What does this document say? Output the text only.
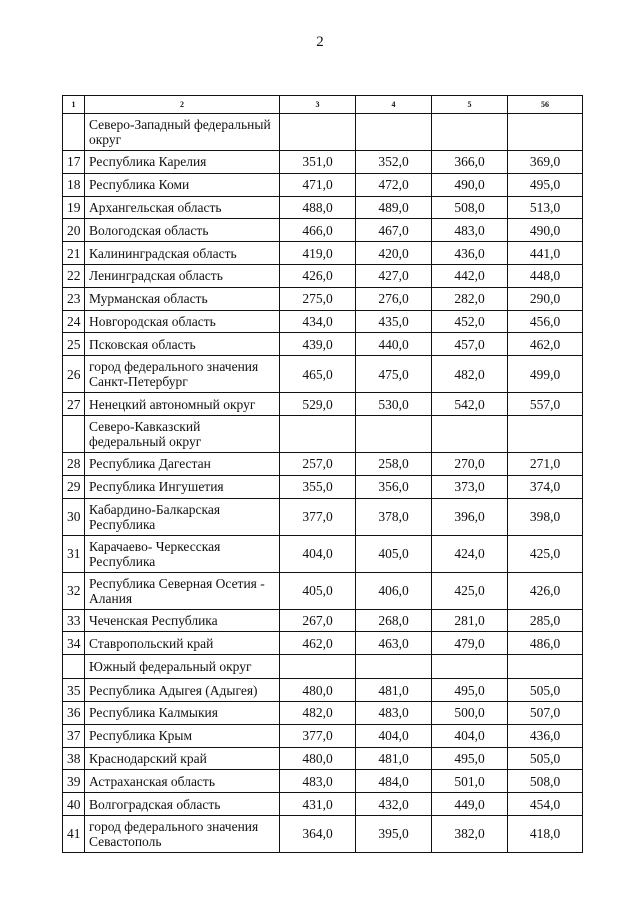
2
1	2	3	4	5	56
	Северо-Западный федеральный округ				
17	Республика Карелия	351,0	352,0	366,0	369,0
18	Республика Коми	471,0	472,0	490,0	495,0
19	Архангельская область	488,0	489,0	508,0	513,0
20	Вологодская область	466,0	467,0	483,0	490,0
21	Калининградская область	419,0	420,0	436,0	441,0
22	Ленинградская область	426,0	427,0	442,0	448,0
23	Мурманская область	275,0	276,0	282,0	290,0
24	Новгородская область	434,0	435,0	452,0	456,0
25	Псковская область	439,0	440,0	457,0	462,0
26	город федерального значения Санкт-Петербург	465,0	475,0	482,0	499,0
27	Ненецкий автономный округ	529,0	530,0	542,0	557,0
	Северо-Кавказский федеральный округ				
28	Республика Дагестан	257,0	258,0	270,0	271,0
29	Республика Ингушетия	355,0	356,0	373,0	374,0
30	Кабардино-Балкарская Республика	377,0	378,0	396,0	398,0
31	Карачаево- Черкесская Республика	404,0	405,0	424,0	425,0
32	Республика Северная Осетия - Алания	405,0	406,0	425,0	426,0
33	Чеченская Республика	267,0	268,0	281,0	285,0
34	Ставропольский край	462,0	463,0	479,0	486,0
	Южный федеральный округ				
35	Республика Адыгея (Адыгея)	480,0	481,0	495,0	505,0
36	Республика Калмыкия	482,0	483,0	500,0	507,0
37	Республика Крым	377,0	404,0	404,0	436,0
38	Краснодарский край	480,0	481,0	495,0	505,0
39	Астраханская область	483,0	484,0	501,0	508,0
40	Волгоградская область	431,0	432,0	449,0	454,0
41	город федерального значения Севастополь	364,0	395,0	382,0	418,0
